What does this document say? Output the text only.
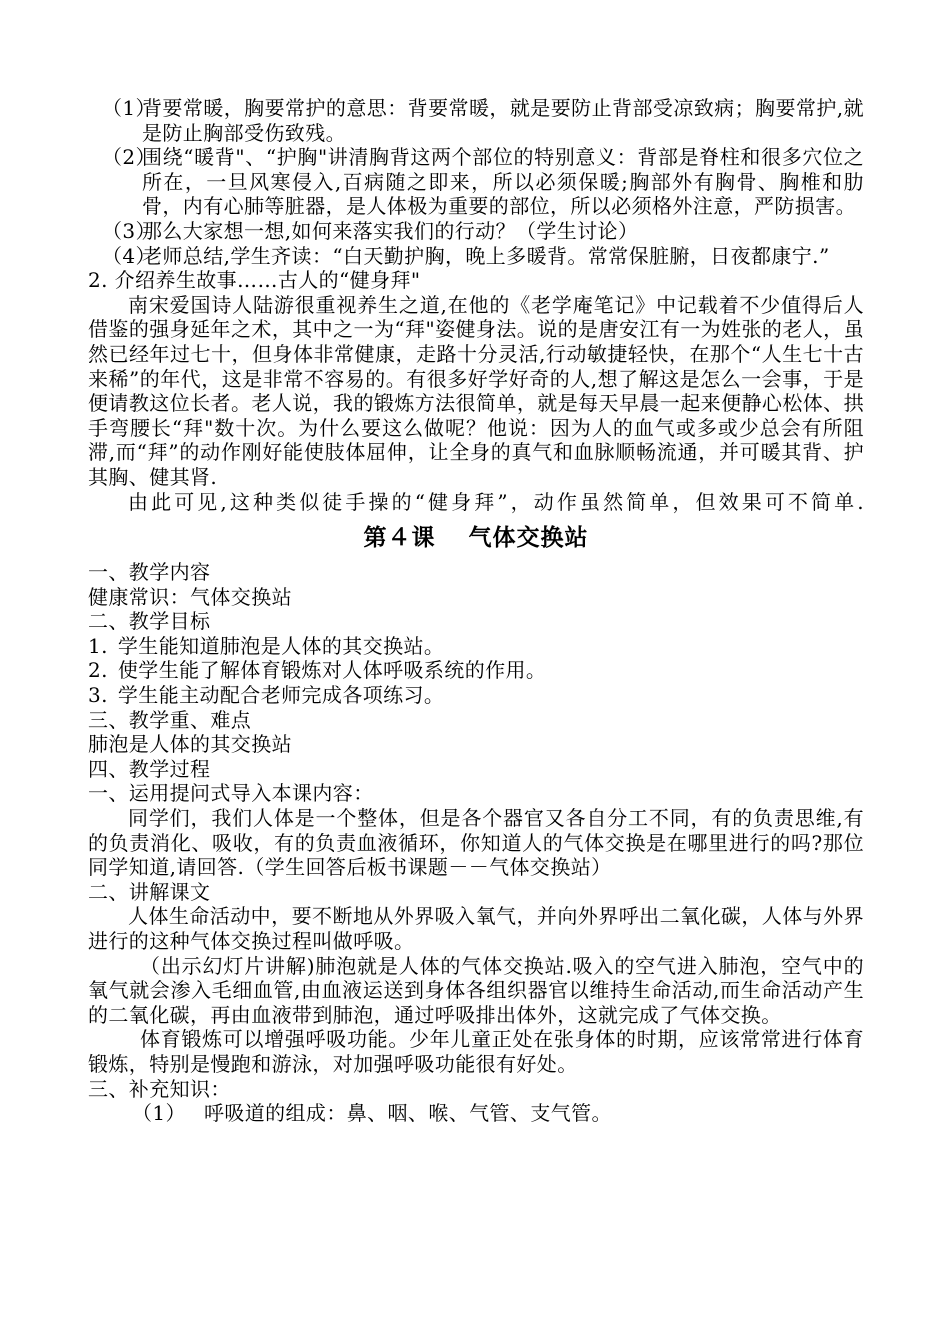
（1）
背要常暖，胸要常护的意思：背要常暖，就是要防止背部受凉致病；胸要常护,就是防止胸部受伤致残。
（2）
围绕“暖背"、“护胸"讲清胸背这两个部位的特别意义：背部是脊柱和很多穴位之所在，一旦风寒侵入,百病随之即来，所以必须保暖;胸部外有胸骨、胸椎和肋骨，内有心肺等脏器，是人体极为重要的部位，所以必须格外注意，严防损害。
（3）
那么大家想一想,如何来落实我们的行动？（学生讨论）
（4）
老师总结,学生齐读：“白天勤护胸，晚上多暖背。常常保脏腑，日夜都康宁.”
2. 介绍养生故事……古人的“健身拜"
南宋爱国诗人陆游很重视养生之道,在他的《老学庵笔记》中记载着不少值得后人借鉴的强身延年之术，其中之一为“拜"姿健身法。说的是唐安江有一为姓张的老人，虽然已经年过七十，但身体非常健康，走路十分灵活,行动敏捷轻快，在那个“人生七十古来稀”的年代，这是非常不容易的。有很多好学好奇的人,想了解这是怎么一会事，于是便请教这位长者。老人说，我的锻炼方法很简单，就是每天早晨一起来便静心松体、拱手弯腰长“拜"数十次。为什么要这么做呢？他说：因为人的血气或多或少总会有所阻滞,而“拜”的动作刚好能使肢体屈伸，让全身的真气和血脉顺畅流通，并可暖其背、护其胸、健其肾.
由此可见,这种类似徒手操的“健身拜”，动作虽然简单，但效果可不简单.
第４课　 气体交换站
一、教学内容
健康常识：气体交换站
二、教学目标
1. 学生能知道肺泡是人体的其交换站。
2. 使学生能了解体育锻炼对人体呼吸系统的作用。
3. 学生能主动配合老师完成各项练习。
三、教学重、难点
肺泡是人体的其交换站
四、教学过程
一、运用提问式导入本课内容：
同学们，我们人体是一个整体，但是各个器官又各自分工不同，有的负责思维,有的负责消化、吸收，有的负责血液循环，你知道人的气体交换是在哪里进行的吗?那位同学知道,请回答.（学生回答后板书课题－－气体交换站）
二、讲解课文
人体生命活动中，要不断地从外界吸入氧气，并向外界呼出二氧化碳，人体与外界进行的这种气体交换过程叫做呼吸。
（出示幻灯片讲解)肺泡就是人体的气体交换站.吸入的空气进入肺泡，空气中的氧气就会渗入毛细血管,由血液运送到身体各组织器官以维持生命活动,而生命活动产生的二氧化碳，再由血液带到肺泡，通过呼吸排出体外，这就完成了气体交换。
体育锻炼可以增强呼吸功能。少年儿童正处在张身体的时期，应该常常进行体育锻炼，特别是慢跑和游泳，对加强呼吸功能很有好处。
三、补充知识：
（1） 呼吸道的组成：鼻、咽、喉、气管、支气管。
